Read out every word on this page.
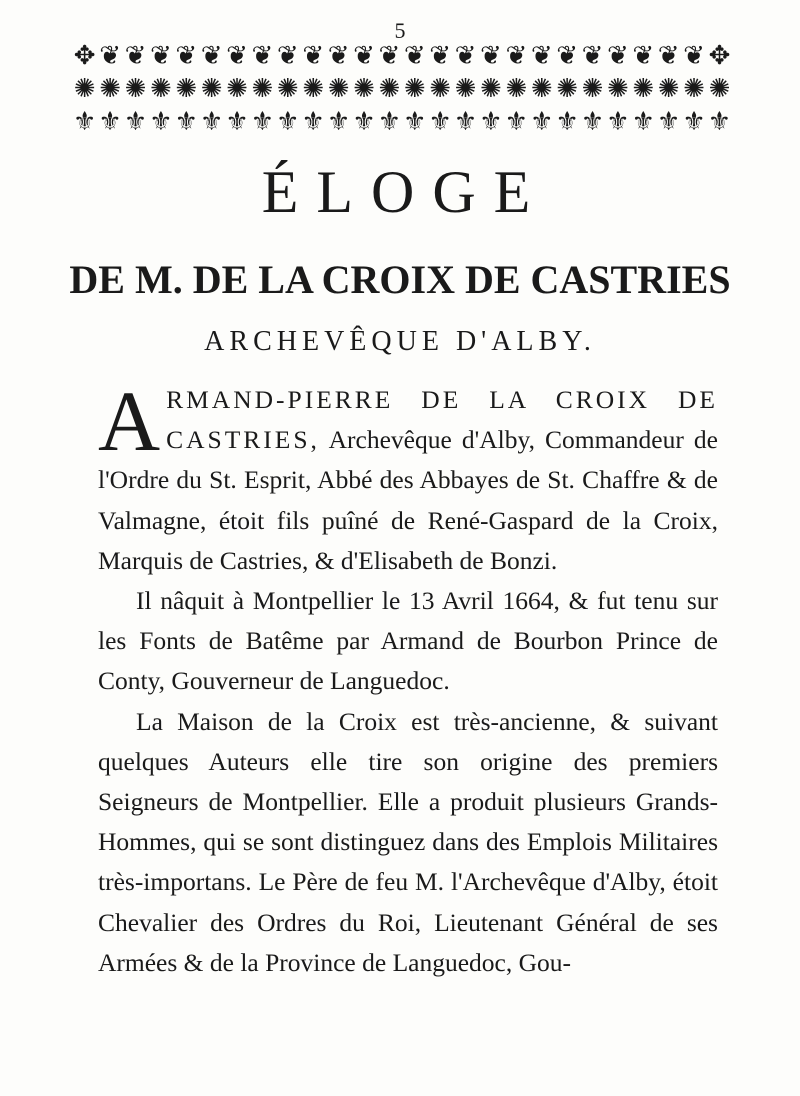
5
✥ ❦ ❦ ❦ ❦ ❦ ❦ ❦ ❦ ❦ ❦ ❦ ❦ ❦ ❦ ❦ ❦ ❦ ❦ ❦ ❦ ❦ ❦ ❦ ❦ ✥
✺ ✺ ✺ ✺ ✺ ✺ ✺ ✺ ✺ ✺ ✺ ✺ ✺ ✺ ✺ ✺ ✺ ✺ ✺ ✺ ✺ ✺ ✺ ✺ ✺ ✺
⚜ ⚜ ⚜ ⚜ ⚜ ⚜ ⚜ ⚜ ⚜ ⚜ ⚜ ⚜ ⚜ ⚜ ⚜ ⚜ ⚜ ⚜ ⚜ ⚜ ⚜ ⚜ ⚜ ⚜ ⚜ ⚜
ÉLOGE
DE M. DE LA CROIX DE CASTRIES
ARCHEVÊQUE D'ALBY.

ARMAND-PIERRE DE LA CROIX DE CASTRIES, Archevêque d'Alby, Commandeur de l'Ordre du St. Esprit, Abbé des Abbayes de St. Chaffre & de Valmagne, étoit fils puîné de René-Gaspard de la Croix, Marquis de Castries, & d'Elisabeth de Bonzi.

Il nâquit à Montpellier le 13 Avril 1664, & fut tenu sur les Fonts de Batême par Armand de Bourbon Prince de Conty, Gouverneur de Languedoc.

La Maison de la Croix est très-ancienne, & suivant quelques Auteurs elle tire son origine des premiers Seigneurs de Montpellier. Elle a produit plusieurs Grands-Hommes, qui se sont distinguez dans des Emplois Militaires très-importans. Le Père de feu M. l'Archevêque d'Alby, étoit Chevalier des Ordres du Roi, Lieutenant Général de ses Armées & de la Province de Languedoc, Gou-
